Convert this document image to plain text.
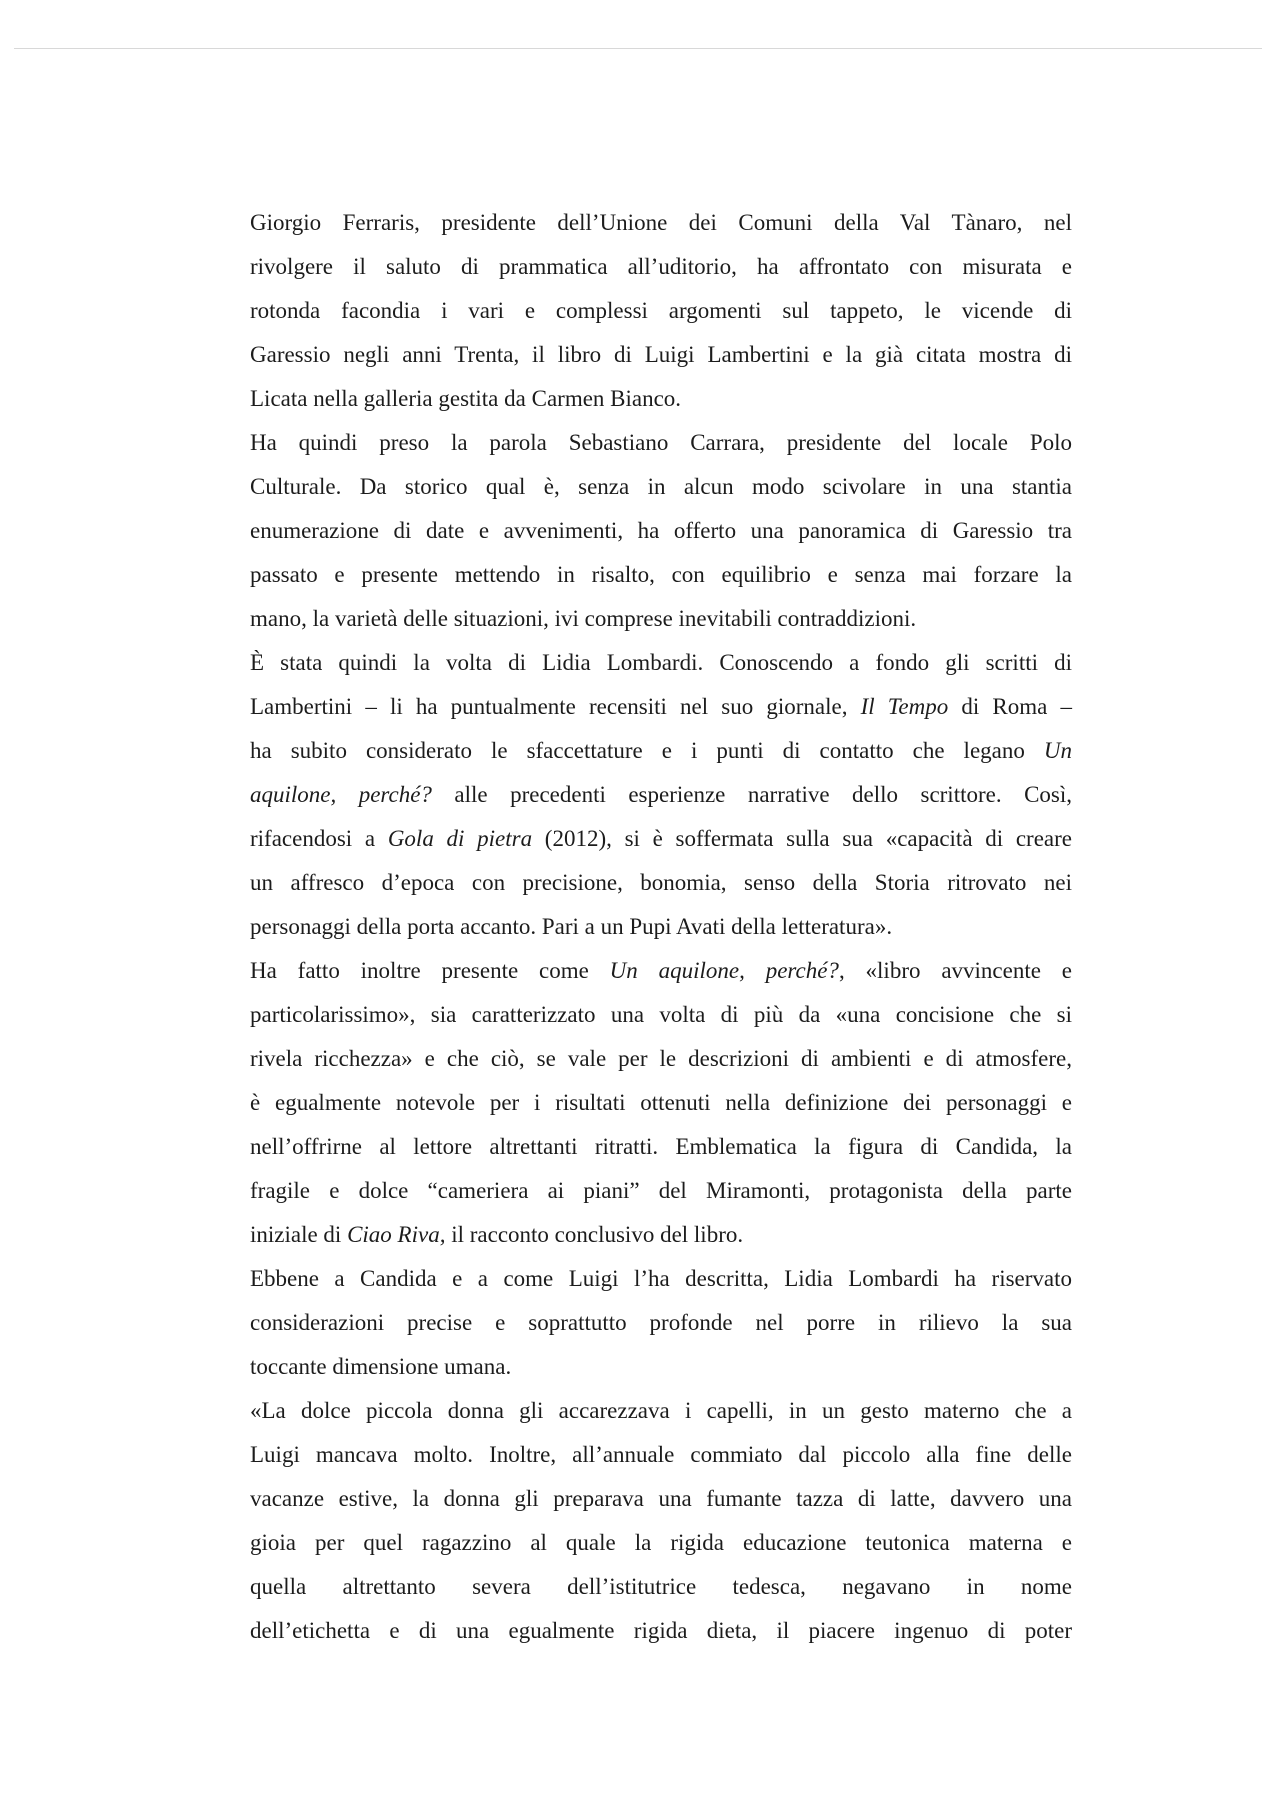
Giorgio Ferraris, presidente dell’Unione dei Comuni della Val Tànaro, nel
rivolgere il saluto di prammatica all’uditorio, ha affrontato con misurata e
rotonda facondia i vari e complessi argomenti sul tappeto, le vicende di
Garessio negli anni Trenta, il libro di Luigi Lambertini e la già citata mostra di
Licata nella galleria gestita da Carmen Bianco.
Ha quindi preso la parola Sebastiano Carrara, presidente del locale Polo
Culturale. Da storico qual è, senza in alcun modo scivolare in una stantia
enumerazione di date e avvenimenti, ha offerto una panoramica di Garessio tra
passato e presente mettendo in risalto, con equilibrio e senza mai forzare la
mano, la varietà delle situazioni, ivi comprese inevitabili contraddizioni.
È stata quindi la volta di Lidia Lombardi. Conoscendo a fondo gli scritti di
Lambertini – li ha puntualmente recensiti nel suo giornale, Il Tempo di Roma –
ha subito considerato le sfaccettature e i punti di contatto che legano Un
aquilone, perché? alle precedenti esperienze narrative dello scrittore. Così,
rifacendosi a Gola di pietra (2012), si è soffermata sulla sua «capacità di creare
un affresco d’epoca con precisione, bonomia, senso della Storia ritrovato nei
personaggi della porta accanto. Pari a un Pupi Avati della letteratura».
Ha fatto inoltre presente come Un aquilone, perché?, «libro avvincente e
particolarissimo», sia caratterizzato una volta di più da «una concisione che si
rivela ricchezza» e che ciò, se vale per le descrizioni di ambienti e di atmosfere,
è egualmente notevole per i risultati ottenuti nella definizione dei personaggi e
nell’offrirne al lettore altrettanti ritratti. Emblematica la figura di Candida, la
fragile e dolce “cameriera ai piani” del Miramonti, protagonista della parte
iniziale di Ciao Riva, il racconto conclusivo del libro.
Ebbene a Candida e a come Luigi l’ha descritta, Lidia Lombardi ha riservato
considerazioni precise e soprattutto profonde nel porre in rilievo la sua
toccante dimensione umana.
«La dolce piccola donna gli accarezzava i capelli, in un gesto materno che a
Luigi mancava molto. Inoltre, all’annuale commiato dal piccolo alla fine delle
vacanze estive, la donna gli preparava una fumante tazza di latte, davvero una
gioia per quel ragazzino al quale la rigida educazione teutonica materna e
quella altrettanto severa dell’istitutrice tedesca, negavano in nome
dell’etichetta e di una egualmente rigida dieta, il piacere ingenuo di poter
